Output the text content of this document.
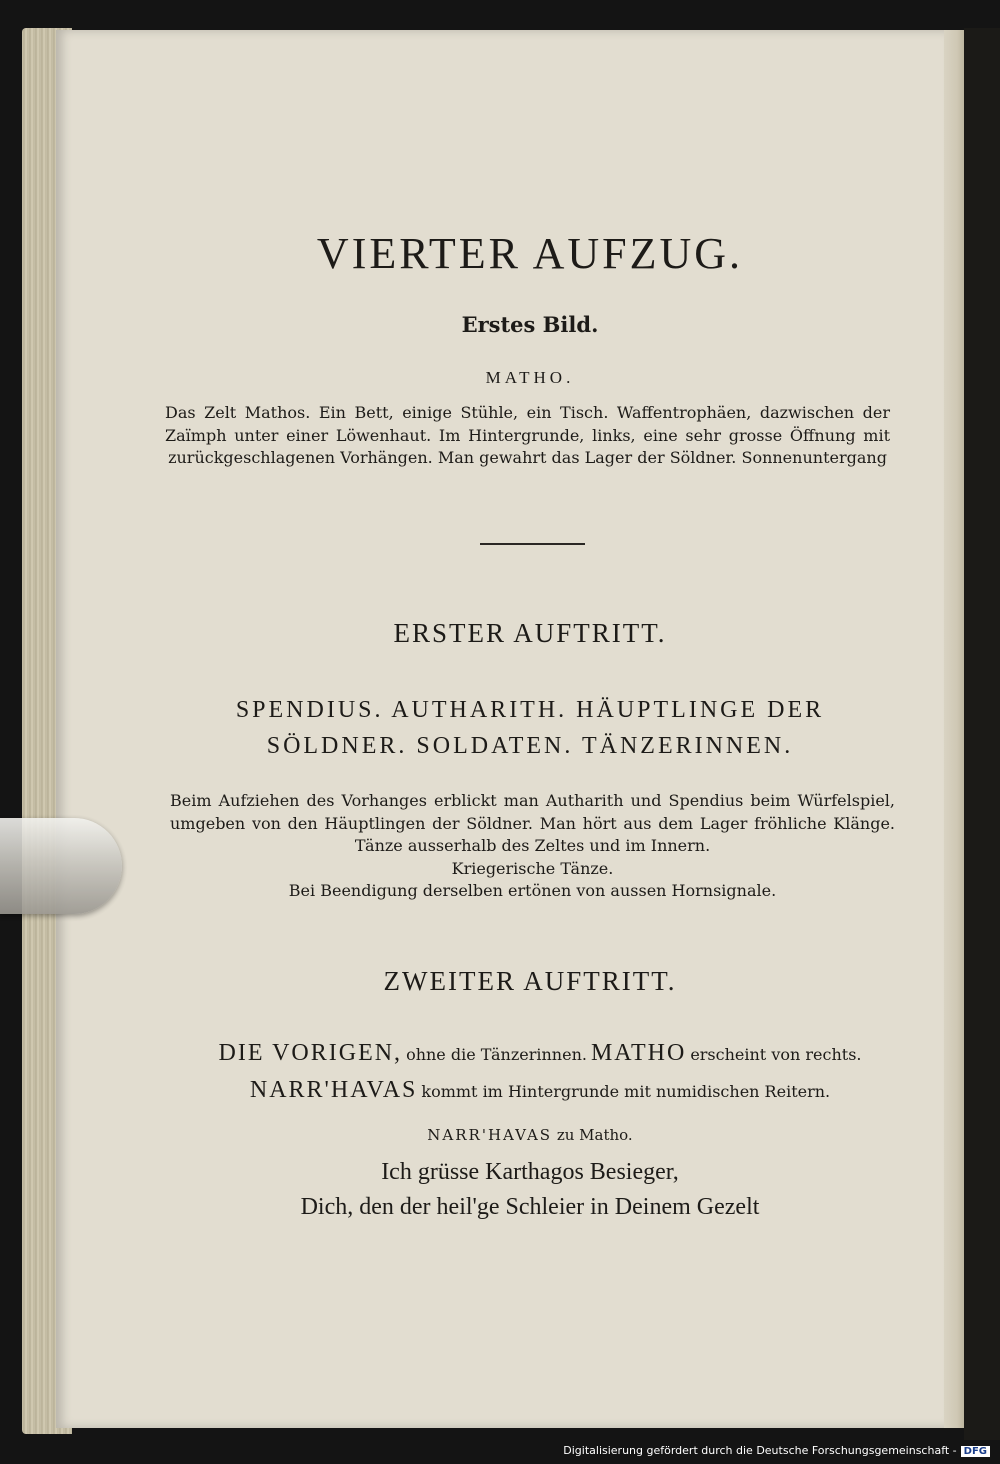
VIERTER AUFZUG.
Erstes Bild.
MATHO.
Das Zelt Mathos. Ein Bett, einige Stühle, ein Tisch. Waffentrophäen, dazwischen der Zaïmph unter einer Löwenhaut. Im Hintergrunde, links, eine sehr grosse Öffnung mit zurückgeschlagenen Vorhängen. Man gewahrt das Lager der Söldner. Sonnenuntergang
ERSTER AUFTRITT.
SPENDIUS. AUTHARITH. HÄUPTLINGE DER
SÖLDNER. SOLDATEN. TÄNZERINNEN.
Beim Aufziehen des Vorhanges erblickt man Autharith und Spendius beim Würfelspiel, umgeben von den Häuptlingen der Söldner. Man hört aus dem Lager fröhliche Klänge. Tänze ausserhalb des Zeltes und im Innern.
Kriegerische Tänze.
Bei Beendigung derselben ertönen von aussen Hornsignale.
ZWEITER AUFTRITT.
DIE VORIGEN, ohne die Tänzerinnen. MATHO erscheint von rechts.
NARR'HAVAS kommt im Hintergrunde mit numidischen Reitern.
NARR'HAVAS zu Matho.
Ich grüsse Karthagos Besieger,
Dich, den der heil'ge Schleier in Deinem Gezelt
Digitalisierung gefördert durch die Deutsche Forschungsgemeinschaft - DFG
